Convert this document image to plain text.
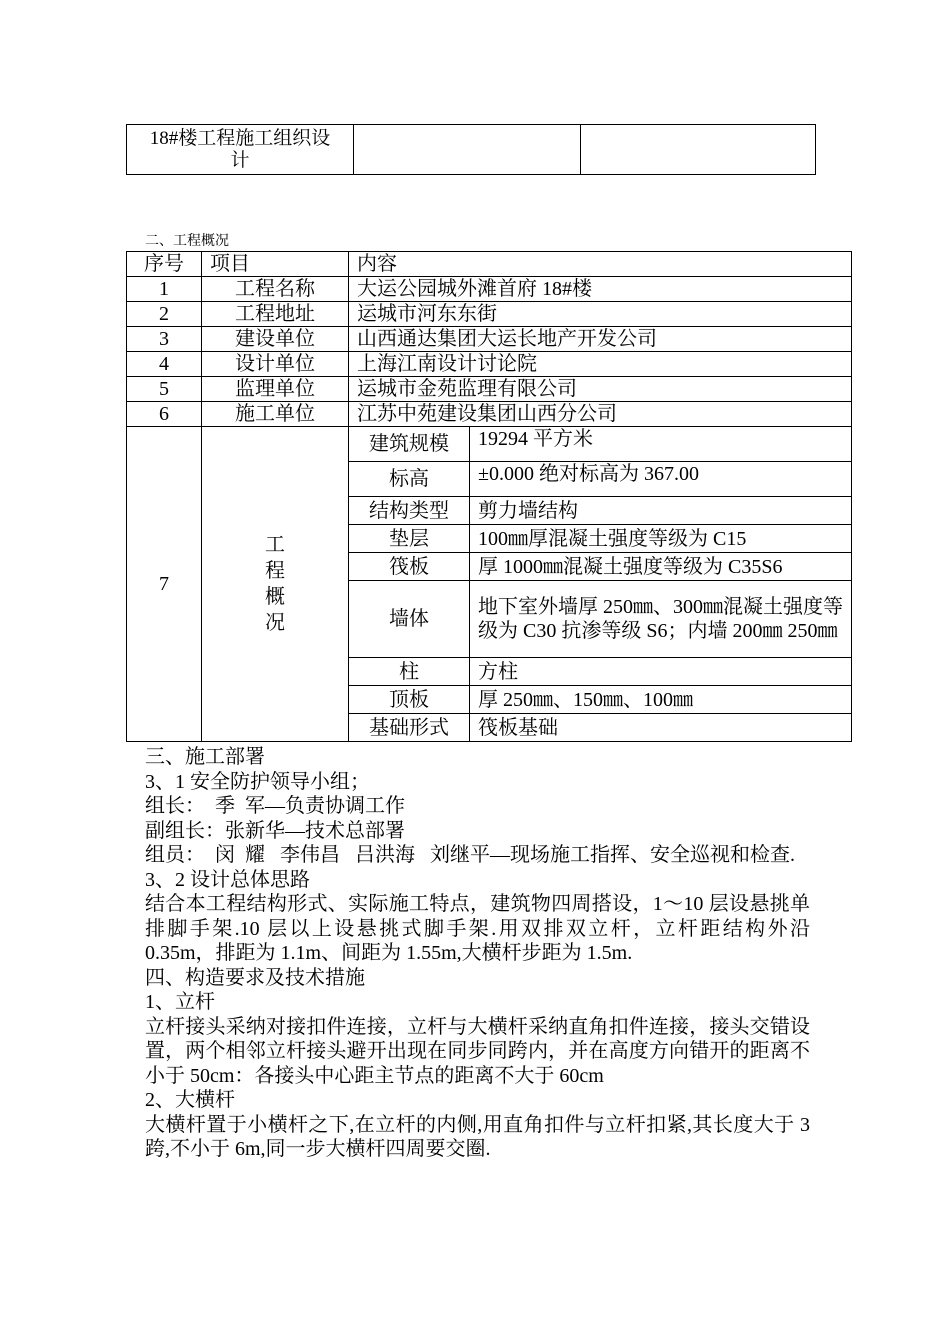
18#楼工程施工组织设计

二、工程概况
序号	项目	内容	
1	工程名称	大运公园城外滩首府 18#楼	
2	工程地址	运城市河东东街	
3	建设单位	山西通达集团大运长地产开发公司	
4	设计单位	上海江南设计讨论院	
5	监理单位	运城市金苑监理有限公司	
6	施工单位	江苏中苑建设集团山西分公司	
7	工程概况	建筑规模	19294 平方米
		标高	±0.000 绝对标高为 367.00
		结构类型	剪力墙结构
		垫层	100㎜厚混凝土强度等级为 C15
		筏板	厚 1000㎜混凝土强度等级为 C35S6
		墙体	地下室外墙厚 250㎜、300㎜混凝土强度等级为 C30 抗渗等级 S6；内墙 200㎜ 250㎜
		柱	方柱
		顶板	厚 250㎜、150㎜、100㎜
		基础形式	筏板基础
三、施工部署
3、1 安全防护领导小组；
组长：  季  军—负责协调工作
副组长：张新华—技术总部署
组员：  闵  耀   李伟昌   吕洪海   刘继平—现场施工指挥、安全巡视和检查.
3、2 设计总体思路
结合本工程结构形式、实际施工特点，建筑物四周搭设，1～10 层设悬挑单排脚手架.10 层以上设悬挑式脚手架.用双排双立杆，立杆距结构外沿 0.35m，排距为 1.1m、间距为 1.55m,大横杆步距为 1.5m.
四、构造要求及技术措施
1、立杆
立杆接头采纳对接扣件连接，立杆与大横杆采纳直角扣件连接，接头交错设置，两个相邻立杆接头避开出现在同步同跨内，并在高度方向错开的距离不小于 50cm：各接头中心距主节点的距离不大于 60cm
2、大横杆
大横杆置于小横杆之下,在立杆的内侧,用直角扣件与立杆扣紧,其长度大于 3 跨,不小于 6m,同一步大横杆四周要交圈.
